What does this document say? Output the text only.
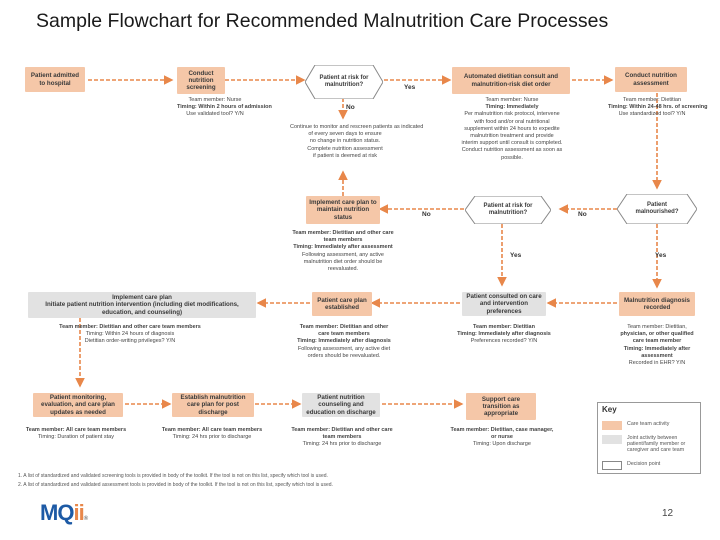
Sample Flowchart for Recommended Malnutrition Care Processes
Patient admitted to hospital
Conduct nutrition screening
Patient at risk for malnutrition?
Automated dietitian consult and malnutrition-risk diet order
Conduct nutrition assessment
Yes
No
Team member: Nurse
Timing: Within 2 hours of admission
Use validated tool? Y/N
Continue to monitor and rescreen patients as indicated
of every seven days to ensure
no change in nutrition status.
Complete nutrition assessment
if patient is deemed at risk
Team member: Nurse
Timing: Immediately
Per malnutrition risk protocol, intervene
with food and/or oral nutritional
supplement within 24 hours to expedite
malnutrition treatment and provide
interim support until consult is completed.
Conduct nutrition assessment as soon as
possible.
Team member: Dietitian
Timing: Within 24-48 hrs. of screening
Use standardized tool? Y/N
Implement care plan to maintain nutrition status
Patient at risk for malnutrition?
Patient malnourished?
No	No
Yes	Yes
Team member: Dietitian and other care
team members
Timing: Immediately after assessment
Following assessment, any active
malnutrition diet order should be
reevaluated.
Implement care plan
Initiate patient nutrition intervention (including diet modifications, education, and counseling)
Patient care plan established
Patient consulted on care and intervention preferences
Malnutrition diagnosis recorded
Team member: Dietitian and other care team members
Timing: Within 24 hours of diagnosis
Dietitian order-writing privileges? Y/N
Team member: Dietitian and other
care team members
Timing: Immediately after diagnosis
Following assessment, any active diet
orders should be reevaluated.
Team member: Dietitian
Timing: Immediately after diagnosis
Preferences recorded? Y/N
Team member: Dietitian,
physician, or other qualified
care team member
Timing: Immediately after
assessment
Recorded in EHR? Y/N
Patient monitoring, evaluation, and care plan updates as needed
Establish malnutrition care plan for post discharge
Patient nutrition counseling and education on discharge
Support care transition as appropriate
Team member: All care team members
Timing: Duration of patient stay
Team member: All care team members
Timing: 24 hrs prior to discharge
Team member: Dietitian and other care
team members
Timing: 24 hrs prior to discharge
Team member: Dietitian, case manager,
or nurse
Timing: Upon discharge
Key
Care team activity
Joint activity between patient/family member or caregiver and care team
Decision point
1. A list of standardized and validated screening tools is provided in body of the toolkit. If the tool is not on this list, specify which tool is used.
2. A list of standardized and validated assessment tools is provided in body of the toolkit. If the tool is not on this list, specify which tool is used.
MQii®	12
